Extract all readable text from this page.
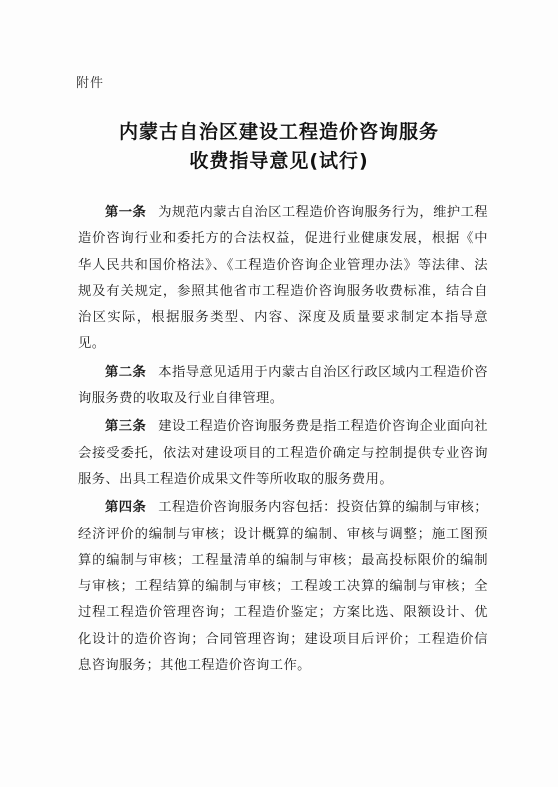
附件
内蒙古自治区建设工程造价咨询服务
收费指导意见(试行)

第一条 为规范内蒙古自治区工程造价咨询服务行为，维护工程造价咨询行业和委托方的合法权益，促进行业健康发展，根据《中华人民共和国价格法》、《工程造价咨询企业管理办法》等法律、法规及有关规定，参照其他省市工程造价咨询服务收费标准，结合自治区实际，根据服务类型、内容、深度及质量要求制定本指导意见。

第二条 本指导意见适用于内蒙古自治区行政区域内工程造价咨询服务费的收取及行业自律管理。

第三条 建设工程造价咨询服务费是指工程造价咨询企业面向社会接受委托，依法对建设项目的工程造价确定与控制提供专业咨询服务、出具工程造价成果文件等所收取的服务费用。

第四条 工程造价咨询服务内容包括：投资估算的编制与审核；经济评价的编制与审核；设计概算的编制、审核与调整；施工图预算的编制与审核；工程量清单的编制与审核；最高投标限价的编制与审核；工程结算的编制与审核；工程竣工决算的编制与审核；全过程工程造价管理咨询；工程造价鉴定；方案比选、限额设计、优化设计的造价咨询；合同管理咨询；建设项目后评价；工程造价信息咨询服务；其他工程造价咨询工作。
